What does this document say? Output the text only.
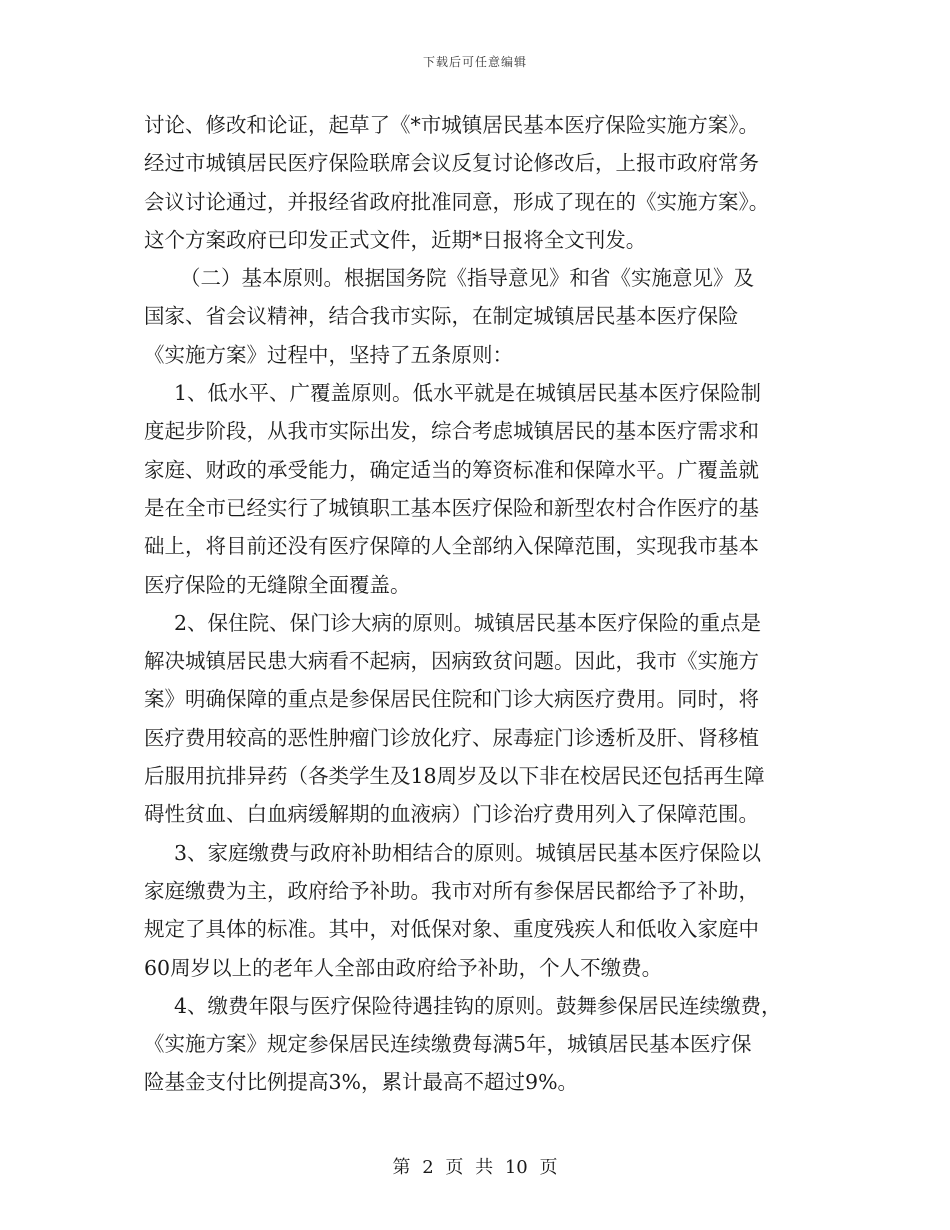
下载后可任意编辑

讨论、修改和论证，起草了《*市城镇居民基本医疗保险实施方案》。

经过市城镇居民医疗保险联席会议反复讨论修改后，上报市政府常务

会议讨论通过，并报经省政府批准同意，形成了现在的《实施方案》。

这个方案政府已印发正式文件，近期*日报将全文刊发。

（二）基本原则。根据国务院《指导意见》和省《实施意见》及

国家、省会议精神，结合我市实际，在制定城镇居民基本医疗保险

《实施方案》过程中，坚持了五条原则：

1、低水平、广覆盖原则。低水平就是在城镇居民基本医疗保险制

度起步阶段，从我市实际出发，综合考虑城镇居民的基本医疗需求和

家庭、财政的承受能力，确定适当的筹资标准和保障水平。广覆盖就

是在全市已经实行了城镇职工基本医疗保险和新型农村合作医疗的基

础上，将目前还没有医疗保障的人全部纳入保障范围，实现我市基本

医疗保险的无缝隙全面覆盖。

2、保住院、保门诊大病的原则。城镇居民基本医疗保险的重点是

解决城镇居民患大病看不起病，因病致贫问题。因此，我市《实施方

案》明确保障的重点是参保居民住院和门诊大病医疗费用。同时，将

医疗费用较高的恶性肿瘤门诊放化疗、尿毒症门诊透析及肝、肾移植

后服用抗排异药（各类学生及18周岁及以下非在校居民还包括再生障

碍性贫血、白血病缓解期的血液病）门诊治疗费用列入了保障范围。

3、家庭缴费与政府补助相结合的原则。城镇居民基本医疗保险以

家庭缴费为主，政府给予补助。我市对所有参保居民都给予了补助，

规定了具体的标准。其中，对低保对象、重度残疾人和低收入家庭中

60周岁以上的老年人全部由政府给予补助，个人不缴费。

4、缴费年限与医疗保险待遇挂钩的原则。鼓舞参保居民连续缴费，

《实施方案》规定参保居民连续缴费每满5年，城镇居民基本医疗保

险基金支付比例提高3%，累计最高不超过9%。

第 2 页 共 10 页
